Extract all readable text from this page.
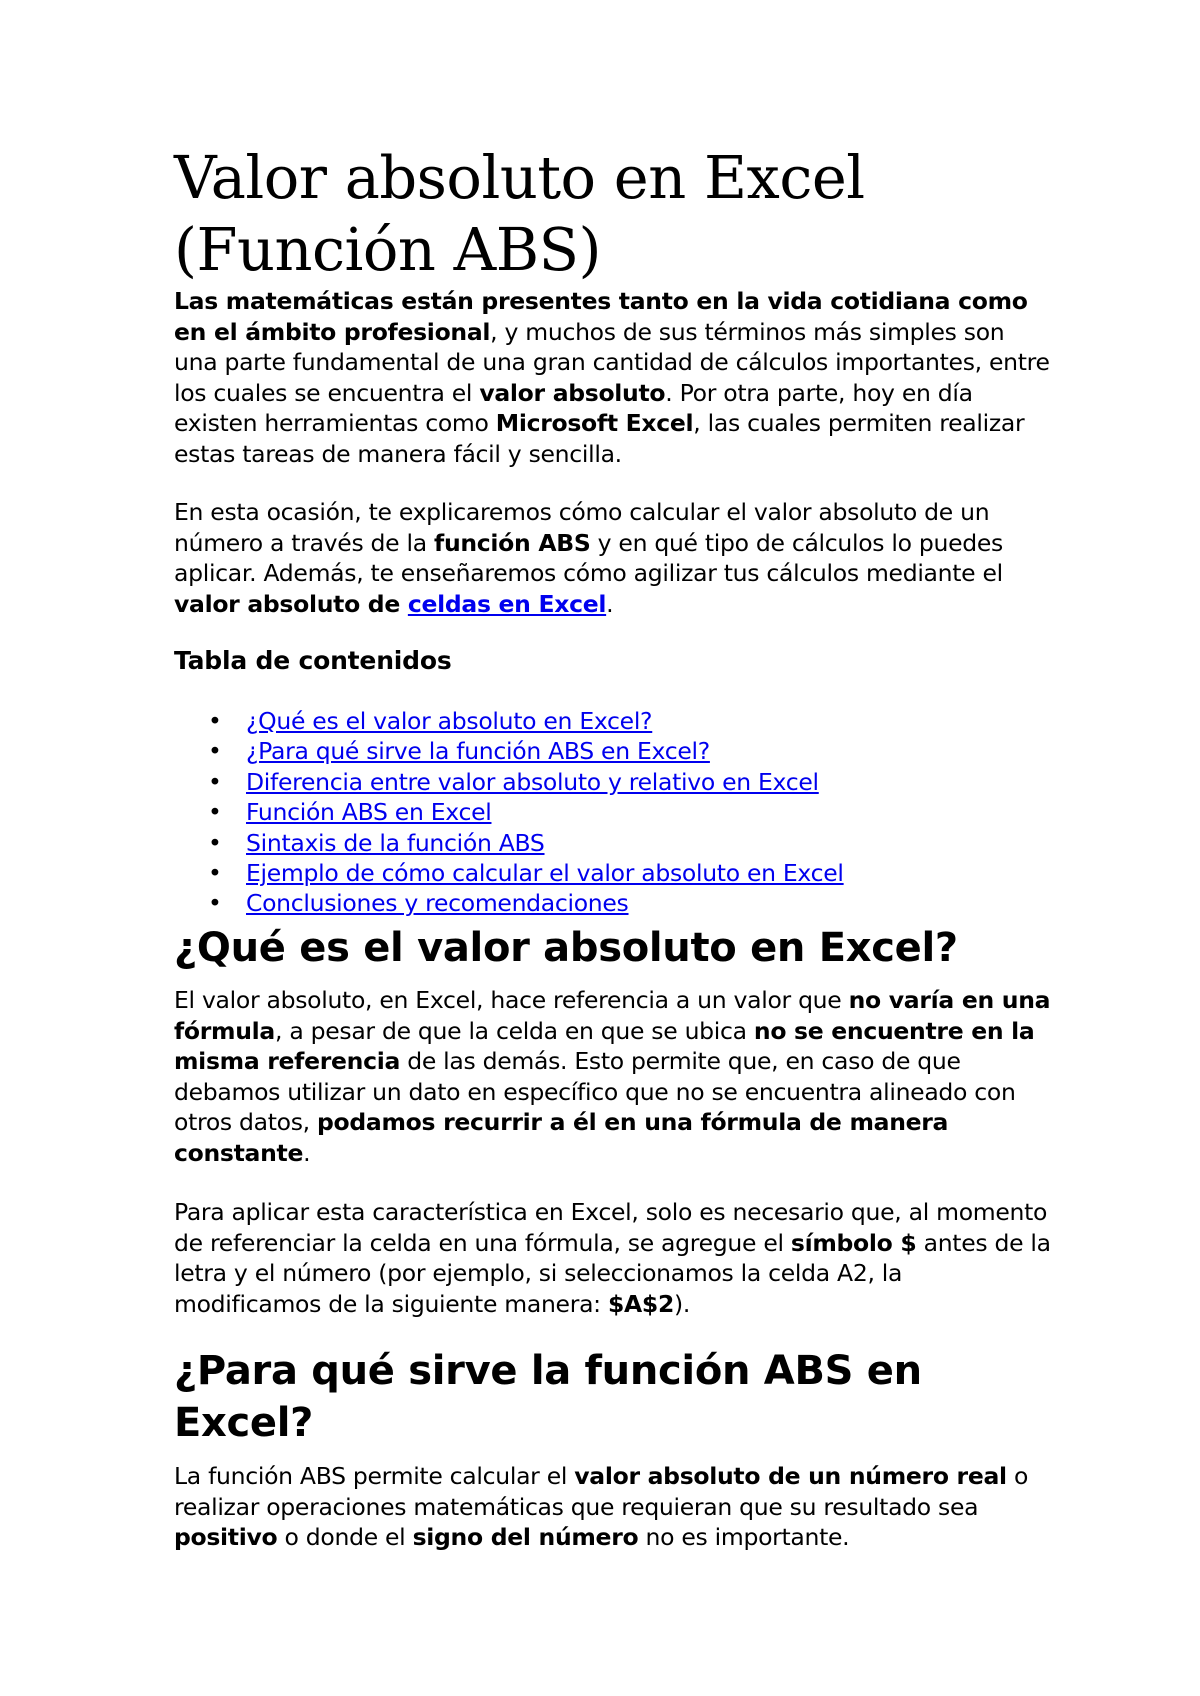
Valor absoluto en Excel (Función ABS)

Las matemáticas están presentes tanto en la vida cotidiana como en el ámbito profesional, y muchos de sus términos más simples son una parte fundamental de una gran cantidad de cálculos importantes, entre los cuales se encuentra el valor absoluto. Por otra parte, hoy en día existen herramientas como Microsoft Excel, las cuales permiten realizar estas tareas de manera fácil y sencilla.

En esta ocasión, te explicaremos cómo calcular el valor absoluto de un número a través de la función ABS y en qué tipo de cálculos lo puedes aplicar. Además, te enseñaremos cómo agilizar tus cálculos mediante el valor absoluto de celdas en Excel.

Tabla de contenidos
• ¿Qué es el valor absoluto en Excel?
• ¿Para qué sirve la función ABS en Excel?
• Diferencia entre valor absoluto y relativo en Excel
• Función ABS en Excel
• Sintaxis de la función ABS
• Ejemplo de cómo calcular el valor absoluto en Excel
• Conclusiones y recomendaciones
¿Qué es el valor absoluto en Excel?

El valor absoluto, en Excel, hace referencia a un valor que no varía en una fórmula, a pesar de que la celda en que se ubica no se encuentre en la misma referencia de las demás. Esto permite que, en caso de que debamos utilizar un dato en específico que no se encuentra alineado con otros datos, podamos recurrir a él en una fórmula de manera constante.

Para aplicar esta característica en Excel, solo es necesario que, al momento de referenciar la celda en una fórmula, se agregue el símbolo $ antes de la letra y el número (por ejemplo, si seleccionamos la celda A2, la modificamos de la siguiente manera: $A$2).

¿Para qué sirve la función ABS en Excel?

La función ABS permite calcular el valor absoluto de un número real o realizar operaciones matemáticas que requieran que su resultado sea positivo o donde el signo del número no es importante.
